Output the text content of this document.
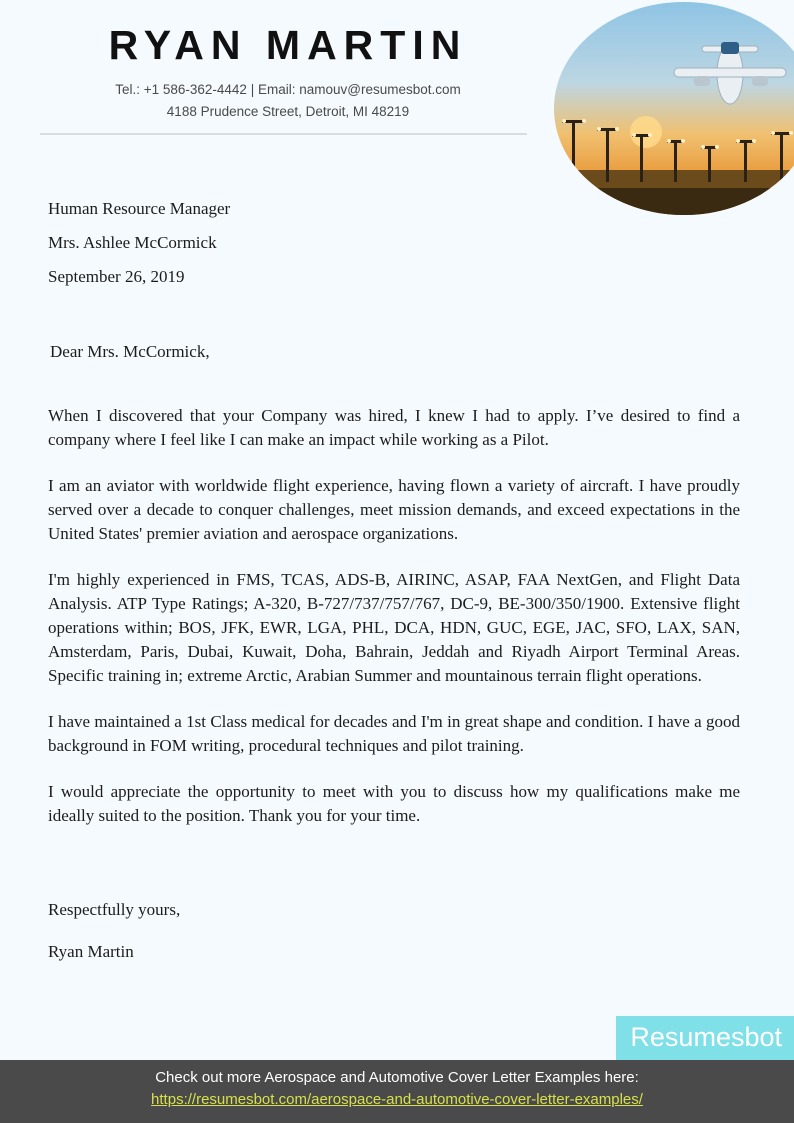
RYAN MARTIN
Tel.: +1 586-362-4442 | Email: namouv@resumesbot.com
4188 Prudence Street, Detroit, MI 48219

Human Resource Manager

Mrs. Ashlee McCormick

September 26, 2019

Dear Mrs. McCormick,

When I discovered that your Company was hired, I knew I had to apply. I’ve desired to find a company where I feel like I can make an impact while working as a Pilot.

I am an aviator with worldwide flight experience, having flown a variety of aircraft. I have proudly served over a decade to conquer challenges, meet mission demands, and exceed expectations in the United States' premier aviation and aerospace organizations.

I'm highly experienced in FMS, TCAS, ADS-B, AIRINC, ASAP, FAA NextGen, and Flight Data Analysis. ATP Type Ratings; A-320, B-727/737/757/767, DC-9, BE-300/350/1900. Extensive flight operations within; BOS, JFK, EWR, LGA, PHL, DCA, HDN, GUC, EGE, JAC, SFO, LAX, SAN, Amsterdam, Paris, Dubai, Kuwait, Doha, Bahrain, Jeddah and Riyadh Airport Terminal Areas. Specific training in; extreme Arctic, Arabian Summer and mountainous terrain flight operations.

I have maintained a 1st Class medical for decades and I'm in great shape and condition. I have a good background in FOM writing, procedural techniques and pilot training.

I would appreciate the opportunity to meet with you to discuss how my qualifications make me ideally suited to the position. Thank you for your time.

Respectfully yours,

Ryan Martin

Resumesbot

Check out more Aerospace and Automotive Cover Letter Examples here:

https://resumesbot.com/aerospace-and-automotive-cover-letter-examples/
